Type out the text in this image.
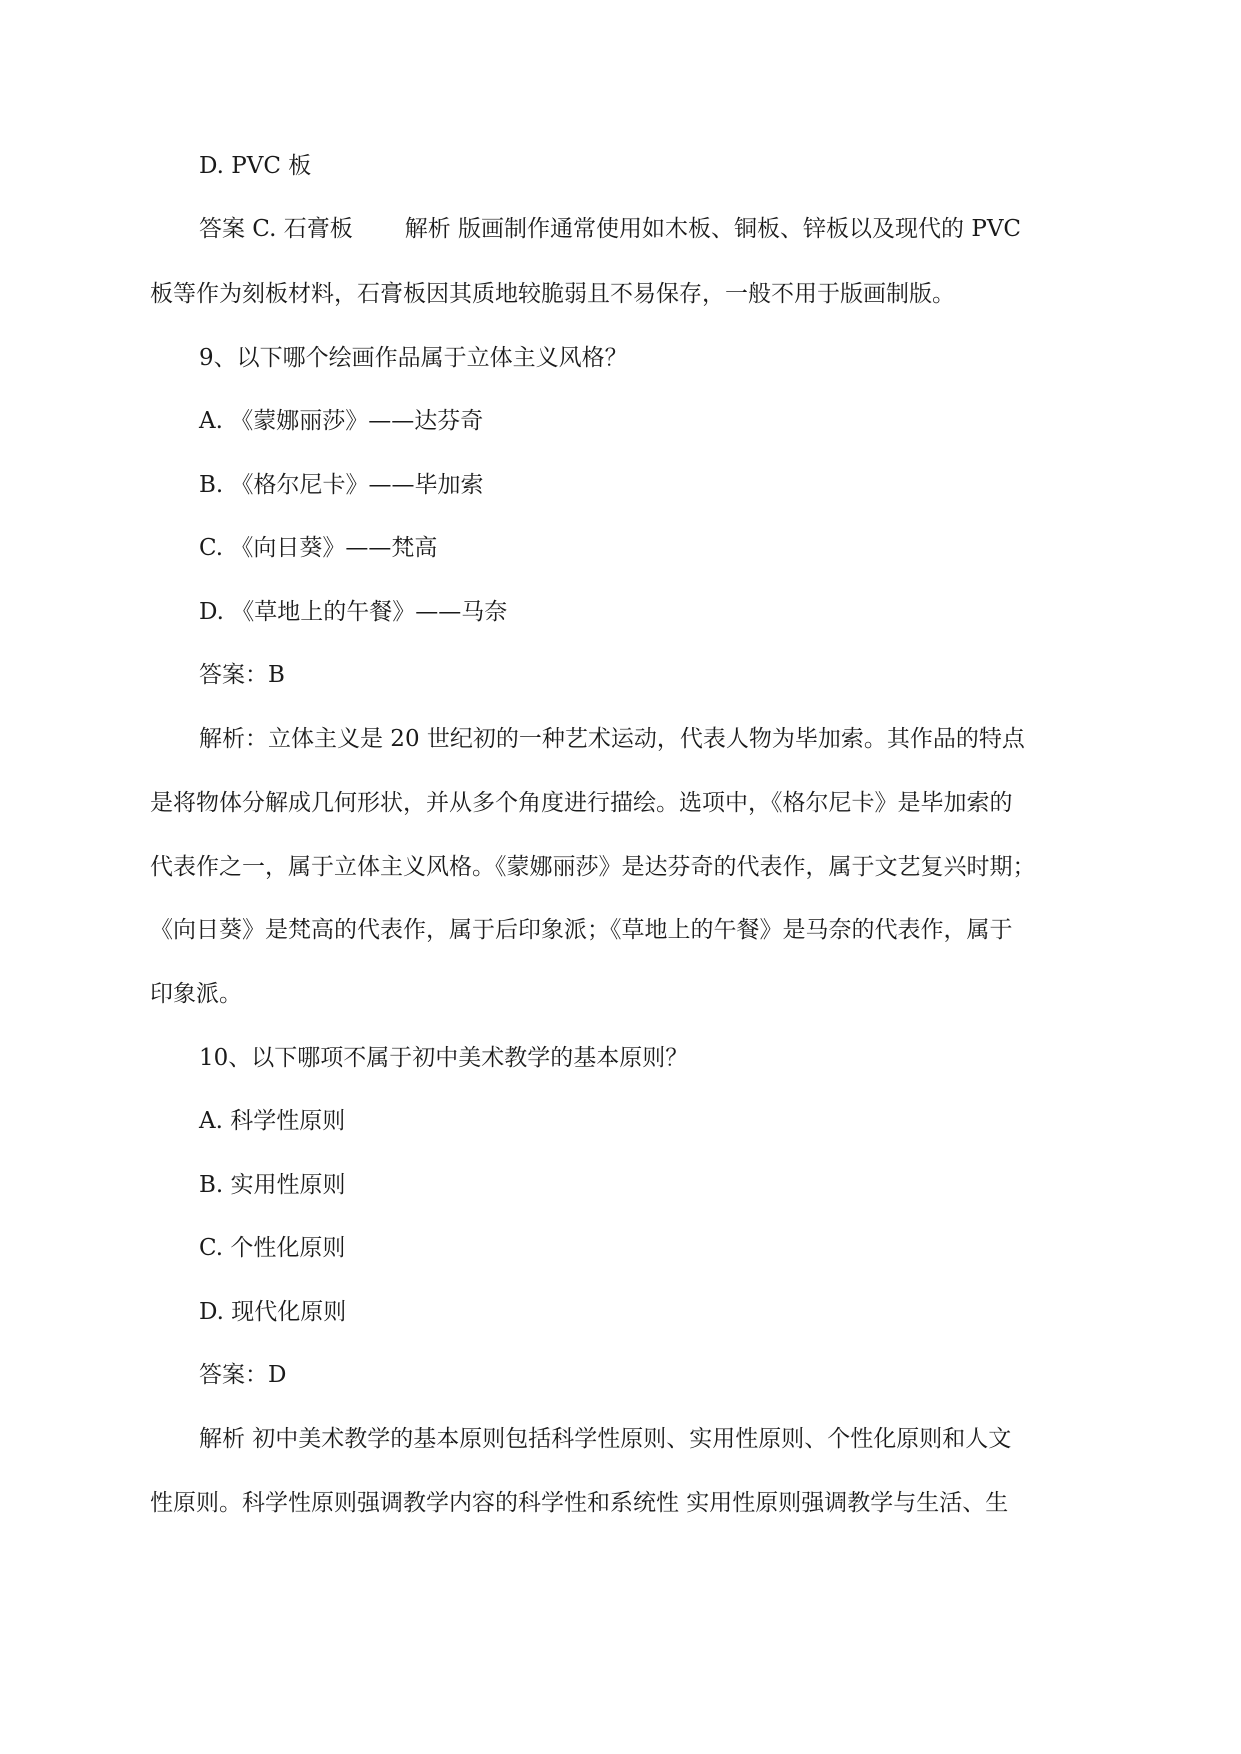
D. PVC 板
答案 C. 石膏板 解析 版画制作通常使用如木板、铜板、锌板以及现代的 PVC
板等作为刻板材料，石膏板因其质地较脆弱且不易保存，一般不用于版画制版。
9、以下哪个绘画作品属于立体主义风格？
A. 《蒙娜丽莎》——达芬奇
B. 《格尔尼卡》——毕加索
C. 《向日葵》——梵高
D. 《草地上的午餐》——马奈
答案：B
解析：立体主义是 20 世纪初的一种艺术运动，代表人物为毕加索。其作品的特点
是将物体分解成几何形状，并从多个角度进行描绘。选项中，《格尔尼卡》是毕加索的
代表作之一，属于立体主义风格。《蒙娜丽莎》是达芬奇的代表作，属于文艺复兴时期；
《向日葵》是梵高的代表作，属于后印象派；《草地上的午餐》是马奈的代表作，属于
印象派。
10、以下哪项不属于初中美术教学的基本原则？
A. 科学性原则
B. 实用性原则
C. 个性化原则
D. 现代化原则
答案：D
解析 初中美术教学的基本原则包括科学性原则、实用性原则、个性化原则和人文
性原则。科学性原则强调教学内容的科学性和系统性 实用性原则强调教学与生活、生
